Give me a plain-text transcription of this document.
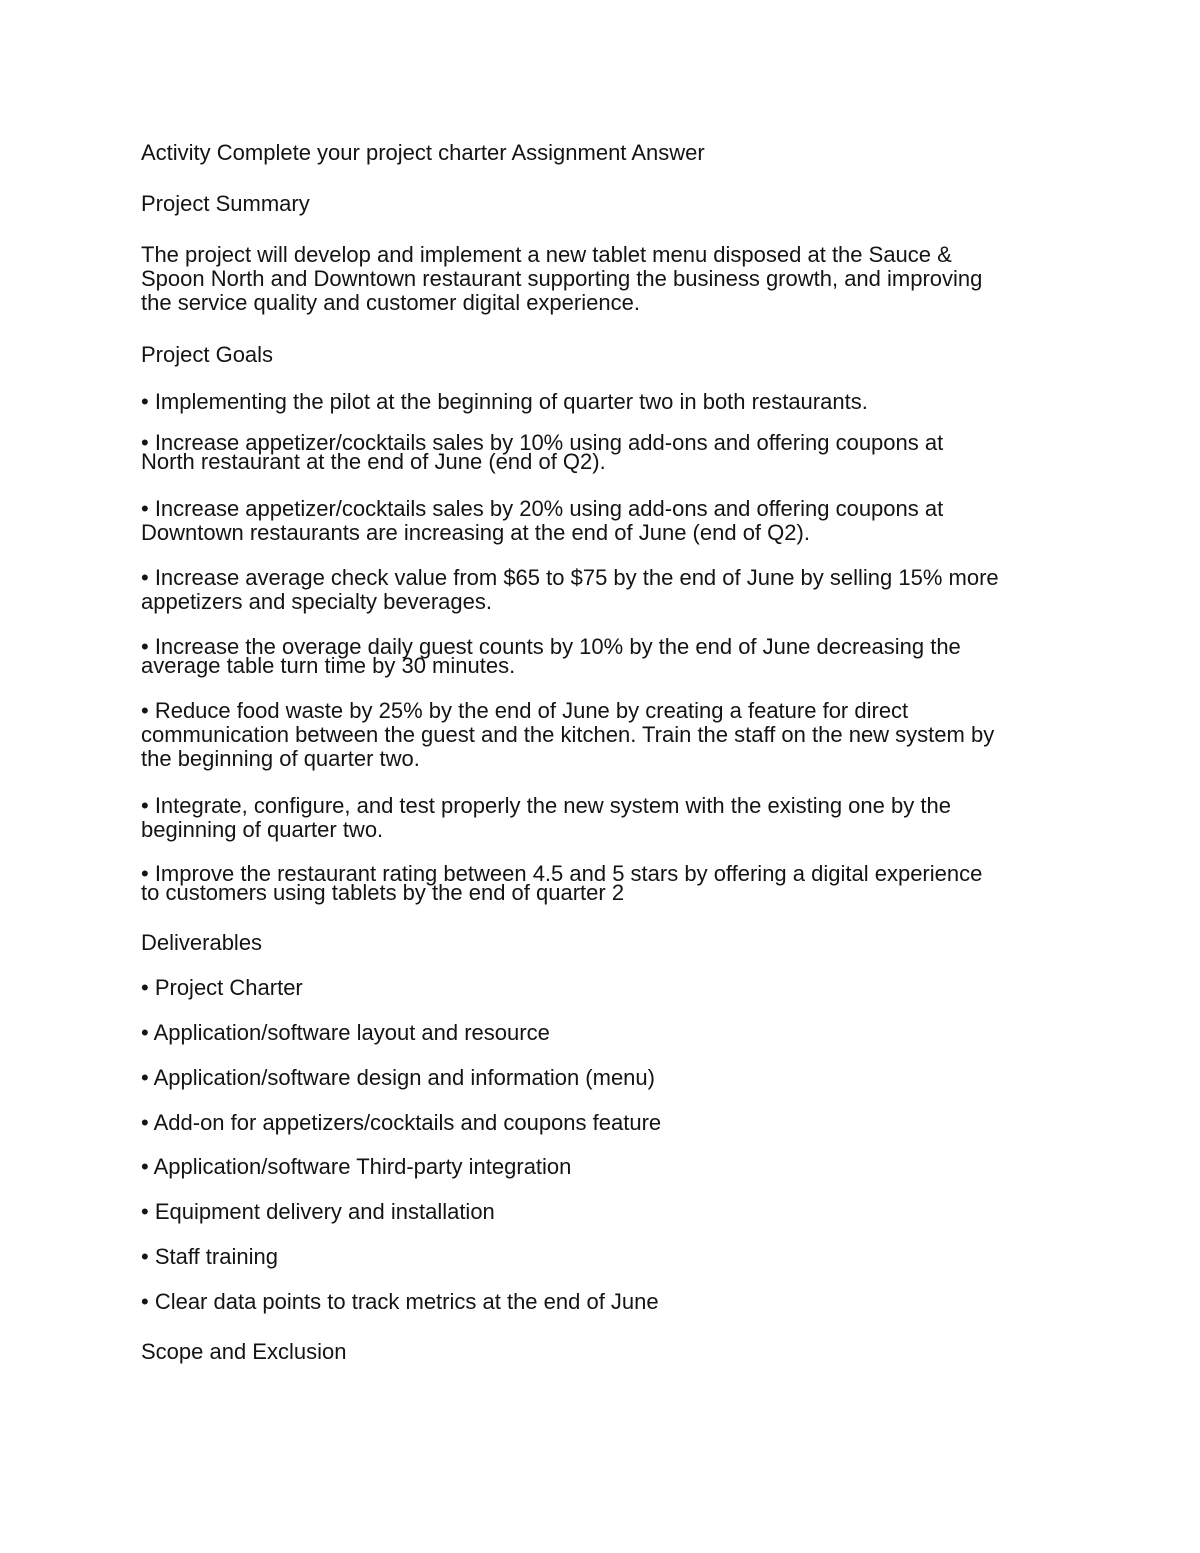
Activity Complete your project charter Assignment Answer
Project Summary
The project will develop and implement a new tablet menu disposed at the Sauce &
Spoon North and Downtown restaurant supporting the business growth, and improving
the service quality and customer digital experience.
Project Goals
• Implementing the pilot at the beginning of quarter two in both restaurants.
• Increase appetizer/cocktails sales by 10% using add-ons and offering coupons at
North restaurant at the end of June (end of Q2).
• Increase appetizer/cocktails sales by 20% using add-ons and offering coupons at
Downtown restaurants are increasing at the end of June (end of Q2).
• Increase average check value from $65 to $75 by the end of June by selling 15% more
appetizers and specialty beverages.
• Increase the overage daily guest counts by 10% by the end of June decreasing the
average table turn time by 30 minutes.
• Reduce food waste by 25% by the end of June by creating a feature for direct
communication between the guest and the kitchen. Train the staff on the new system by
the beginning of quarter two.
• Integrate, configure, and test properly the new system with the existing one by the
beginning of quarter two.
• Improve the restaurant rating between 4.5 and 5 stars by offering a digital experience
to customers using tablets by the end of quarter 2
Deliverables
• Project Charter
• Application/software layout and resource
• Application/software design and information (menu)
• Add-on for appetizers/cocktails and coupons feature
• Application/software Third-party integration
• Equipment delivery and installation
• Staff training
• Clear data points to track metrics at the end of June
Scope and Exclusion
